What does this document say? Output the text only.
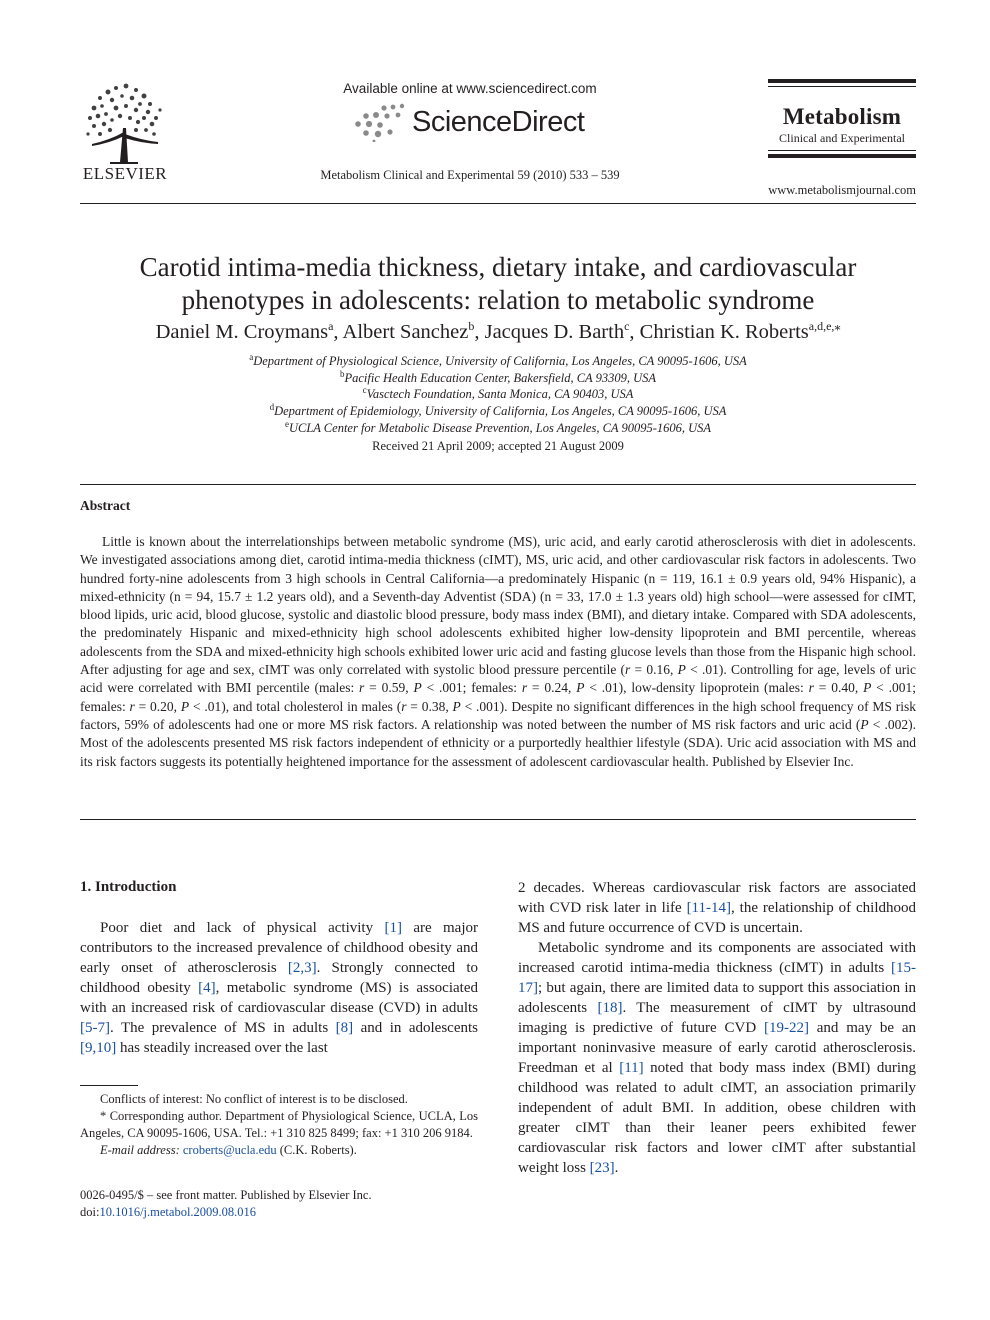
ELSEVIER
Available online at www.sciencedirect.com
ScienceDirect
Metabolism Clinical and Experimental 59 (2010) 533 – 539
Metabolism
Clinical and Experimental
www.metabolismjournal.com
Carotid intima-media thickness, dietary intake, and cardiovascular
phenotypes in adolescents: relation to metabolic syndrome
Daniel M. Croymans$^a$, Albert Sanchez$^b$, Jacques D. Barth$^c$, Christian K. Roberts$^{a,d,e,⁎}$
$^a$Department of Physiological Science, University of California, Los Angeles, CA 90095-1606, USA
$^b$Pacific Health Education Center, Bakersfield, CA 93309, USA
$^c$Vasctech Foundation, Santa Monica, CA 90403, USA
$^d$Department of Epidemiology, University of California, Los Angeles, CA 90095-1606, USA
$^e$UCLA Center for Metabolic Disease Prevention, Los Angeles, CA 90095-1606, USA
Received 21 April 2009; accepted 21 August 2009
Abstract
Little is known about the interrelationships between metabolic syndrome (MS), uric acid, and early carotid atherosclerosis with diet in adolescents. We investigated associations among diet, carotid intima-media thickness (cIMT), MS, uric acid, and other cardiovascular risk factors in adolescents. Two hundred forty-nine adolescents from 3 high schools in Central California—a predominately Hispanic (n = 119, 16.1 ± 0.9 years old, 94% Hispanic), a mixed-ethnicity (n = 94, 15.7 ± 1.2 years old), and a Seventh-day Adventist (SDA) (n = 33, 17.0 ± 1.3 years old) high school—were assessed for cIMT, blood lipids, uric acid, blood glucose, systolic and diastolic blood pressure, body mass index (BMI), and dietary intake. Compared with SDA adolescents, the predominately Hispanic and mixed-ethnicity high school adolescents exhibited higher low-density lipoprotein and BMI percentile, whereas adolescents from the SDA and mixed-ethnicity high schools exhibited lower uric acid and fasting glucose levels than those from the Hispanic high school. After adjusting for age and sex, cIMT was only correlated with systolic blood pressure percentile (r = 0.16, P < .01). Controlling for age, levels of uric acid were correlated with BMI percentile (males: r = 0.59, P < .001; females: r = 0.24, P < .01), low-density lipoprotein (males: r = 0.40, P < .001; females: r = 0.20, P < .01), and total cholesterol in males (r = 0.38, P < .001). Despite no significant differences in the high school frequency of MS risk factors, 59% of adolescents had one or more MS risk factors. A relationship was noted between the number of MS risk factors and uric acid (P < .002). Most of the adolescents presented MS risk factors independent of ethnicity or a purportedly healthier lifestyle (SDA). Uric acid association with MS and its risk factors suggests its potentially heightened importance for the assessment of adolescent cardiovascular health. Published by Elsevier Inc.
1. Introduction
Poor diet and lack of physical activity [1] are major contributors to the increased prevalence of childhood obesity and early onset of atherosclerosis [2,3]. Strongly connected to childhood obesity [4], metabolic syndrome (MS) is associated with an increased risk of cardiovascular disease (CVD) in adults [5-7]. The prevalence of MS in adults [8] and in adolescents [9,10] has steadily increased over the last

Conflicts of interest: No conflict of interest is to be disclosed.

* Corresponding author. Department of Physiological Science, UCLA, Los Angeles, CA 90095-1606, USA. Tel.: +1 310 825 8499; fax: +1 310 206 9184.

E-mail address: croberts@ucla.edu (C.K. Roberts).

0026-0495/$ – see front matter. Published by Elsevier Inc.
doi:10.1016/j.metabol.2009.08.016
2 decades. Whereas cardiovascular risk factors are associated with CVD risk later in life [11-14], the relationship of childhood MS and future occurrence of CVD is uncertain.
Metabolic syndrome and its components are associated with increased carotid intima-media thickness (cIMT) in adults [15-17]; but again, there are limited data to support this association in adolescents [18]. The measurement of cIMT by ultrasound imaging is predictive of future CVD [19-22] and may be an important noninvasive measure of early carotid atherosclerosis. Freedman et al [11] noted that body mass index (BMI) during childhood was related to adult cIMT, an association primarily independent of adult BMI. In addition, obese children with greater cIMT than their leaner peers exhibited fewer cardiovascular risk factors and lower cIMT after substantial weight loss [23].
